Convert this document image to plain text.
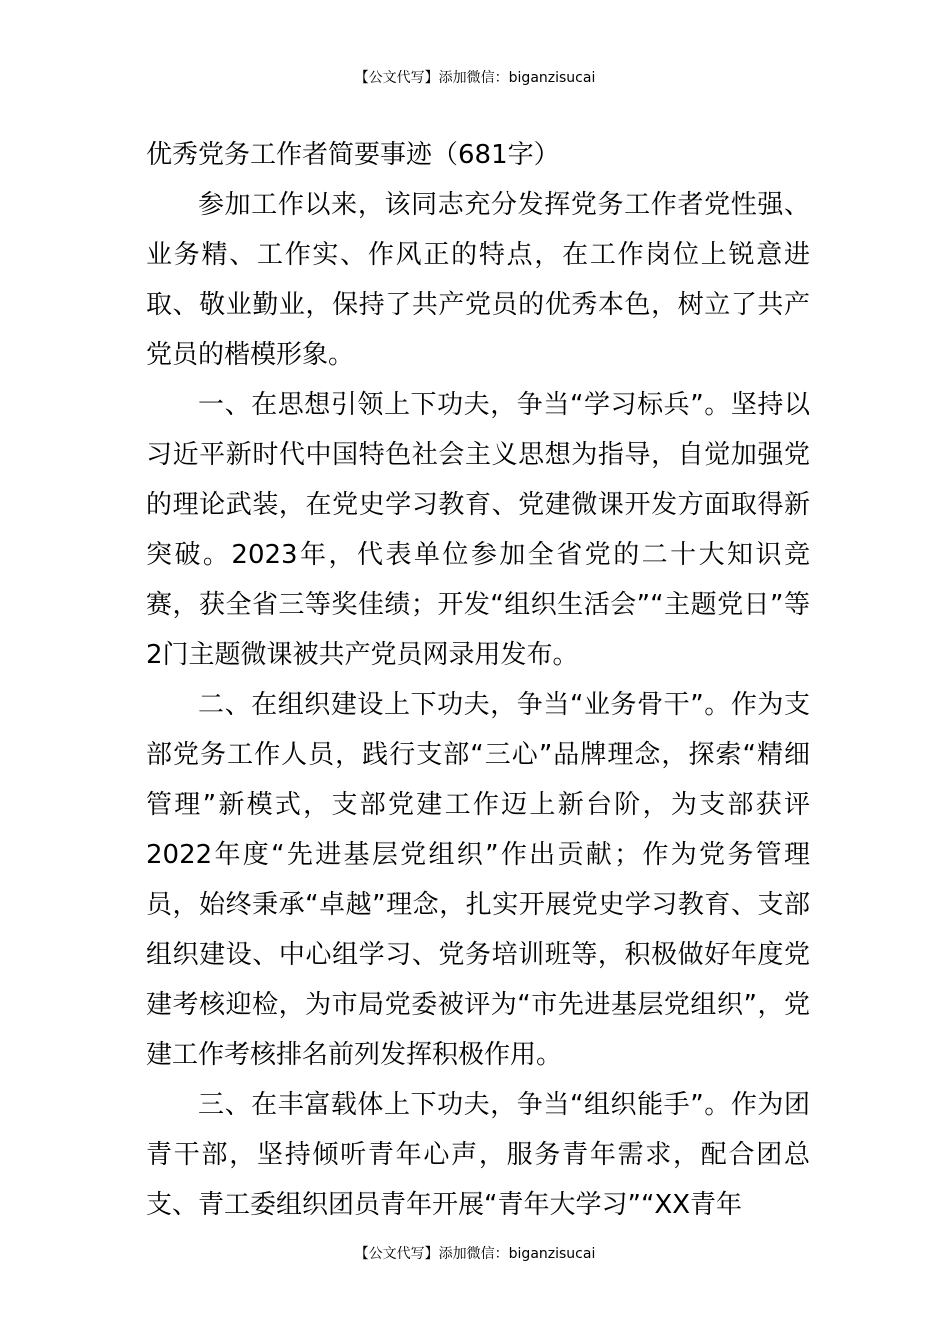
【公文代写】添加微信：biganzisucai
优秀党务工作者简要事迹（681字）

参加工作以来，该同志充分发挥党务工作者党性强、业务精、工作实、作风正的特点，在工作岗位上锐意进取、敬业勤业，保持了共产党员的优秀本色，树立了共产党员的楷模形象。

一、在思想引领上下功夫，争当“学习标兵”。坚持以习近平新时代中国特色社会主义思想为指导，自觉加强党的理论武装，在党史学习教育、党建微课开发方面取得新突破。2023年，代表单位参加全省党的二十大知识竞赛，获全省三等奖佳绩；开发“组织生活会”“主题党日”等2门主题微课被共产党员网录用发布。

二、在组织建设上下功夫，争当“业务骨干”。作为支部党务工作人员，践行支部“三心”品牌理念，探索“精细管理”新模式，支部党建工作迈上新台阶，为支部获评2022年度“先进基层党组织”作出贡献；作为党务管理员，始终秉承“卓越”理念，扎实开展党史学习教育、支部组织建设、中心组学习、党务培训班等，积极做好年度党建考核迎检，为市局党委被评为“市先进基层党组织”，党建工作考核排名前列发挥积极作用。

三、在丰富载体上下功夫，争当“组织能手”。作为团青干部，坚持倾听青年心声，服务青年需求，配合团总支、青工委组织团员青年开展“青年大学习”“XX青年

【公文代写】添加微信：biganzisucai
